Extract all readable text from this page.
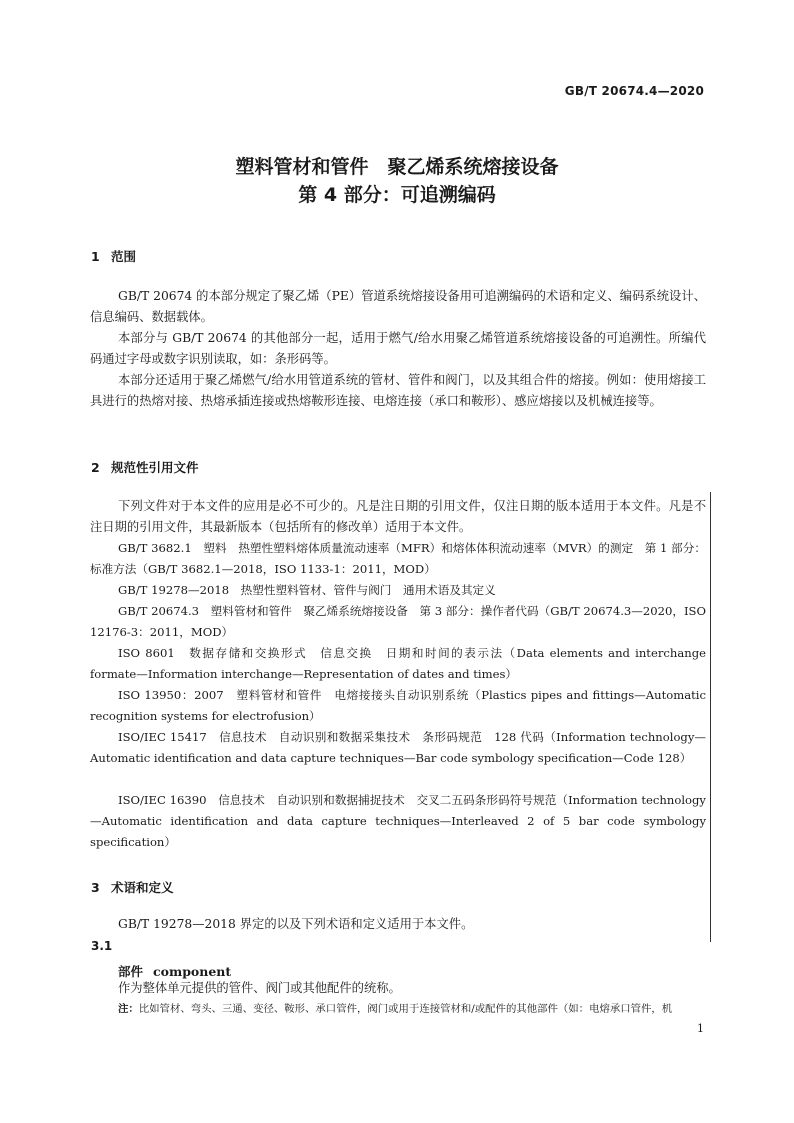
GB/T 20674.4—2020
塑料管材和管件　聚乙烯系统熔接设备
第 4 部分：可追溯编码
1 范围

GB/T 20674 的本部分规定了聚乙烯（PE）管道系统熔接设备用可追溯编码的术语和定义、编码系统设计、信息编码、数据载体。

本部分与 GB/T 20674 的其他部分一起，适用于燃气/给水用聚乙烯管道系统熔接设备的可追溯性。所编代码通过字母或数字识别读取，如：条形码等。

本部分还适用于聚乙烯燃气/给水用管道系统的管材、管件和阀门，以及其组合件的熔接。例如：使用熔接工具进行的热熔对接、热熔承插连接或热熔鞍形连接、电熔连接（承口和鞍形）、感应熔接以及机械连接等。

2 规范性引用文件

下列文件对于本文件的应用是必不可少的。凡是注日期的引用文件，仅注日期的版本适用于本文件。凡是不注日期的引用文件，其最新版本（包括所有的修改单）适用于本文件。

GB/T 3682.1　塑料　热塑性塑料熔体质量流动速率（MFR）和熔体体积流动速率（MVR）的测定　第 1 部分：标准方法（GB/T 3682.1—2018，ISO 1133-1：2011，MOD）

GB/T 19278—2018　热塑性塑料管材、管件与阀门　通用术语及其定义

GB/T 20674.3　塑料管材和管件　聚乙烯系统熔接设备　第 3 部分：操作者代码（GB/T 20674.3—2020，ISO 12176-3：2011，MOD）

ISO 8601　数据存储和交换形式　信息交换　日期和时间的表示法（Data elements and interchange formate—Information interchange—Representation of dates and times）

ISO 13950：2007　塑料管材和管件　电熔接接头自动识别系统（Plastics pipes and fittings—Automatic recognition systems for electrofusion）

ISO/IEC 15417　信息技术　自动识别和数据采集技术　条形码规范　128 代码（Information technology—Automatic identification and data capture techniques—Bar code symbology specification—Code 128）

ISO/IEC 16390　信息技术　自动识别和数据捕捉技术　交叉二五码条形码符号规范（Information technology—Automatic identification and data capture techniques—Interleaved 2 of 5 bar code symbology specification）

3 术语和定义

GB/T 19278—2018 界定的以及下列术语和定义适用于本文件。

3.1
部件 component
作为整体单元提供的管件、阀门或其他配件的统称。
注：比如管材、弯头、三通、变径、鞍形、承口管件，阀门或用于连接管材和/或配件的其他部件（如：电熔承口管件，机
1
